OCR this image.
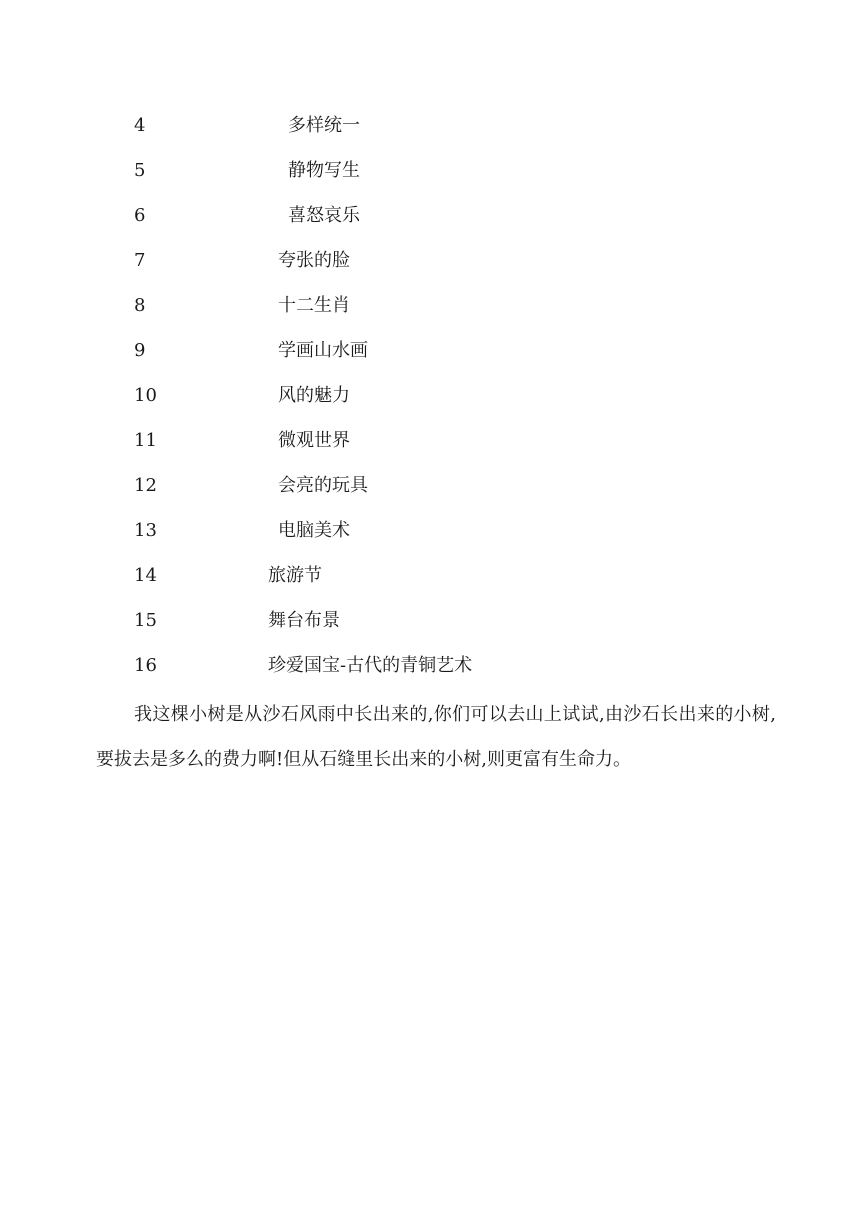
4	多样统一
5	静物写生
6	喜怒哀乐
7	夸张的脸
8	十二生肖
9	学画山水画
10	风的魅力
11	微观世界
12	会亮的玩具
13	电脑美术
14	旅游节
15	舞台布景
16	珍爱国宝-古代的青铜艺术

我这棵小树是从沙石风雨中长出来的,你们可以去山上试试,由沙石长出来的小树,要拔去是多么的费力啊!但从石缝里长出来的小树,则更富有生命力。
